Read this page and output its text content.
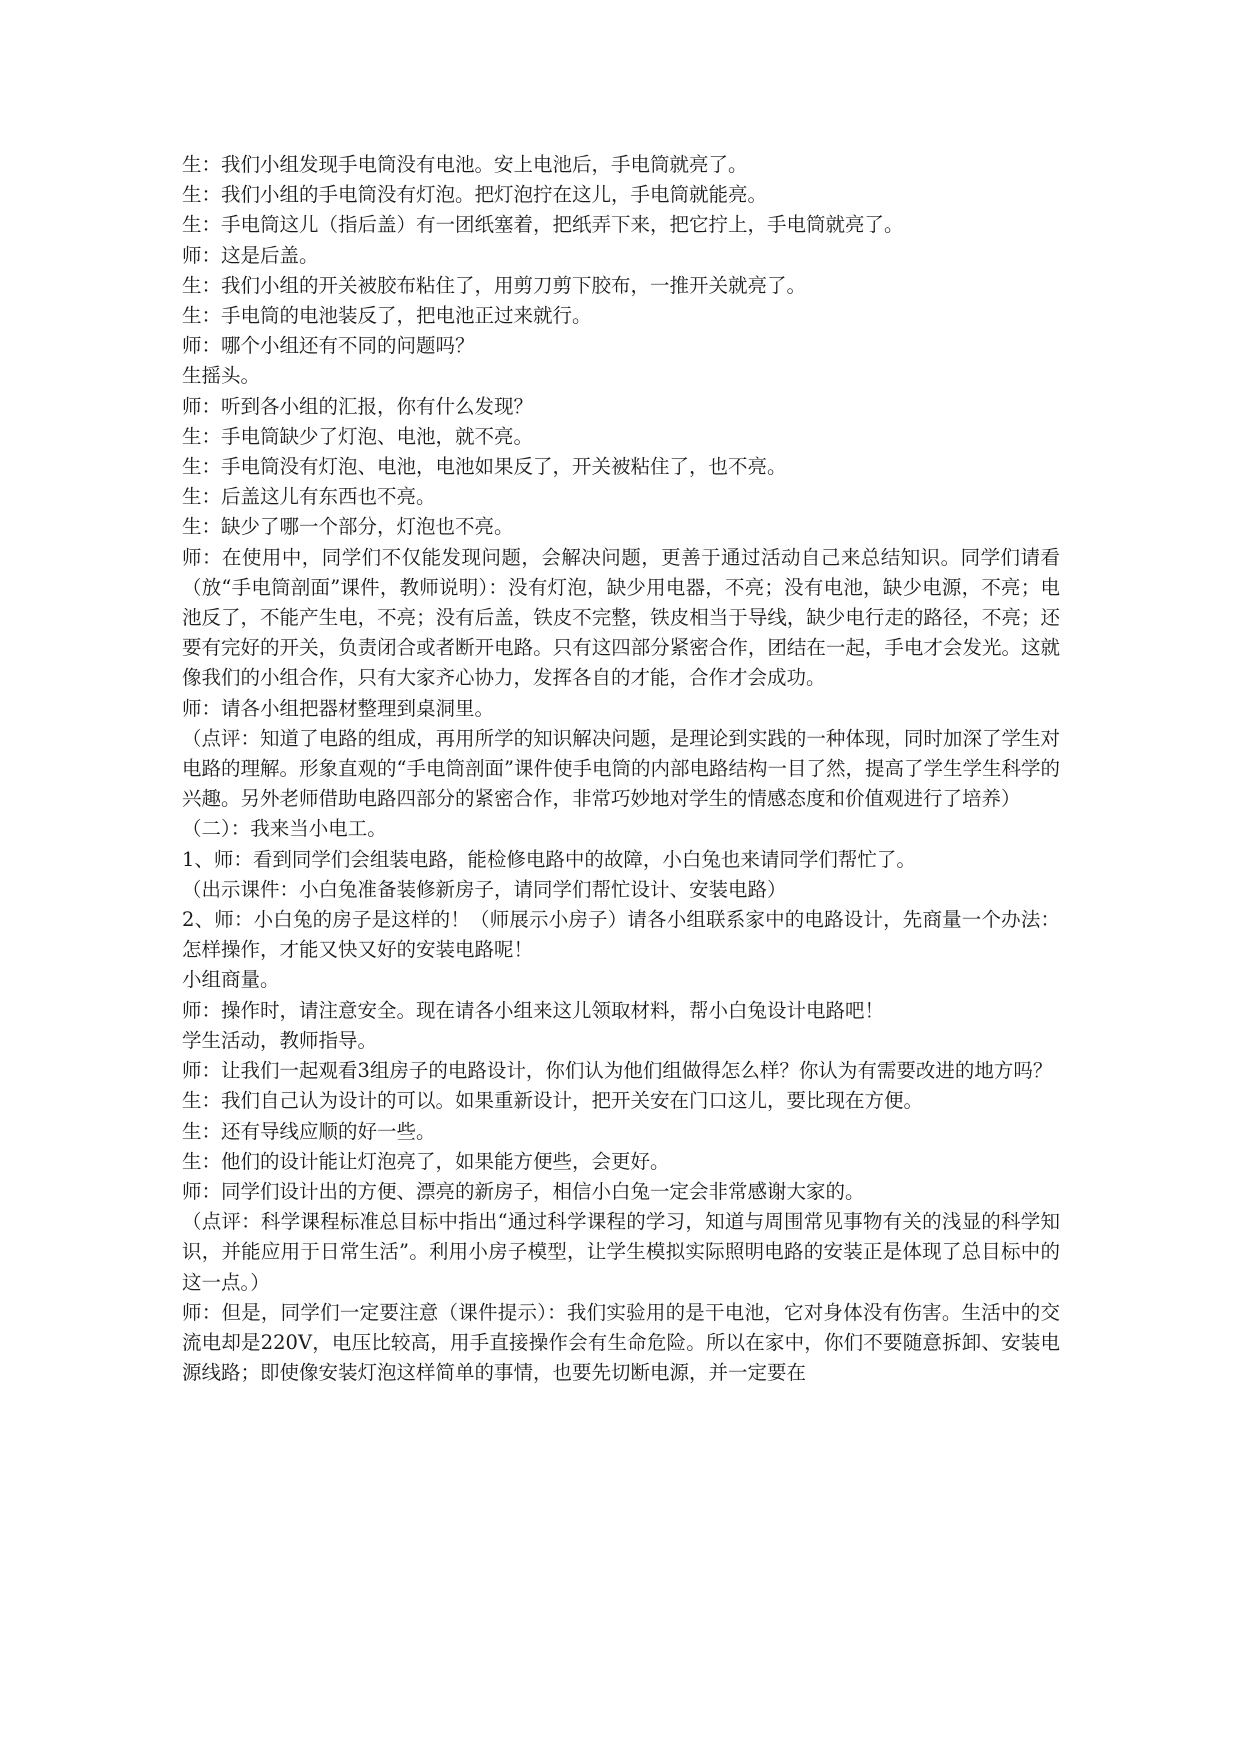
生：我们小组发现手电筒没有电池。安上电池后，手电筒就亮了。

生：我们小组的手电筒没有灯泡。把灯泡拧在这儿，手电筒就能亮。

生：手电筒这儿（指后盖）有一团纸塞着，把纸弄下来，把它拧上，手电筒就亮了。

师：这是后盖。

生：我们小组的开关被胶布粘住了，用剪刀剪下胶布，一推开关就亮了。

生：手电筒的电池装反了，把电池正过来就行。

师：哪个小组还有不同的问题吗？

生摇头。

师：听到各小组的汇报，你有什么发现？

生：手电筒缺少了灯泡、电池，就不亮。

生：手电筒没有灯泡、电池，电池如果反了，开关被粘住了，也不亮。

生：后盖这儿有东西也不亮。

生：缺少了哪一个部分，灯泡也不亮。

师：在使用中，同学们不仅能发现问题，会解决问题，更善于通过活动自己来总结知识。同学们请看（放“手电筒剖面”课件，教师说明）：没有灯泡，缺少用电器，不亮；没有电池，缺少电源，不亮；电池反了，不能产生电，不亮；没有后盖，铁皮不完整，铁皮相当于导线，缺少电行走的路径，不亮；还要有完好的开关，负责闭合或者断开电路。只有这四部分紧密合作，团结在一起，手电才会发光。这就像我们的小组合作，只有大家齐心协力，发挥各自的才能，合作才会成功。

师：请各小组把器材整理到桌洞里。

（点评：知道了电路的组成，再用所学的知识解决问题，是理论到实践的一种体现，同时加深了学生对电路的理解。形象直观的“手电筒剖面”课件使手电筒的内部电路结构一目了然，提高了学生学生科学的兴趣。另外老师借助电路四部分的紧密合作，非常巧妙地对学生的情感态度和价值观进行了培养）

（二）：我来当小电工。

1、师：看到同学们会组装电路，能检修电路中的故障，小白兔也来请同学们帮忙了。

（出示课件：小白兔准备装修新房子，请同学们帮忙设计、安装电路）

2、师：小白兔的房子是这样的！（师展示小房子）请各小组联系家中的电路设计，先商量一个办法：怎样操作，才能又快又好的安装电路呢！

小组商量。

师：操作时，请注意安全。现在请各小组来这儿领取材料，帮小白兔设计电路吧！

学生活动，教师指导。

师：让我们一起观看3组房子的电路设计，你们认为他们组做得怎么样？你认为有需要改进的地方吗？

生：我们自己认为设计的可以。如果重新设计，把开关安在门口这儿，要比现在方便。

生：还有导线应顺的好一些。

生：他们的设计能让灯泡亮了，如果能方便些，会更好。

师：同学们设计出的方便、漂亮的新房子，相信小白兔一定会非常感谢大家的。

（点评：科学课程标准总目标中指出“通过科学课程的学习，知道与周围常见事物有关的浅显的科学知识，并能应用于日常生活”。利用小房子模型，让学生模拟实际照明电路的安装正是体现了总目标中的这一点。）

师：但是，同学们一定要注意（课件提示）：我们实验用的是干电池，它对身体没有伤害。生活中的交流电却是220V，电压比较高，用手直接操作会有生命危险。所以在家中，你们不要随意拆卸、安装电源线路；即使像安装灯泡这样简单的事情，也要先切断电源，并一定要在
